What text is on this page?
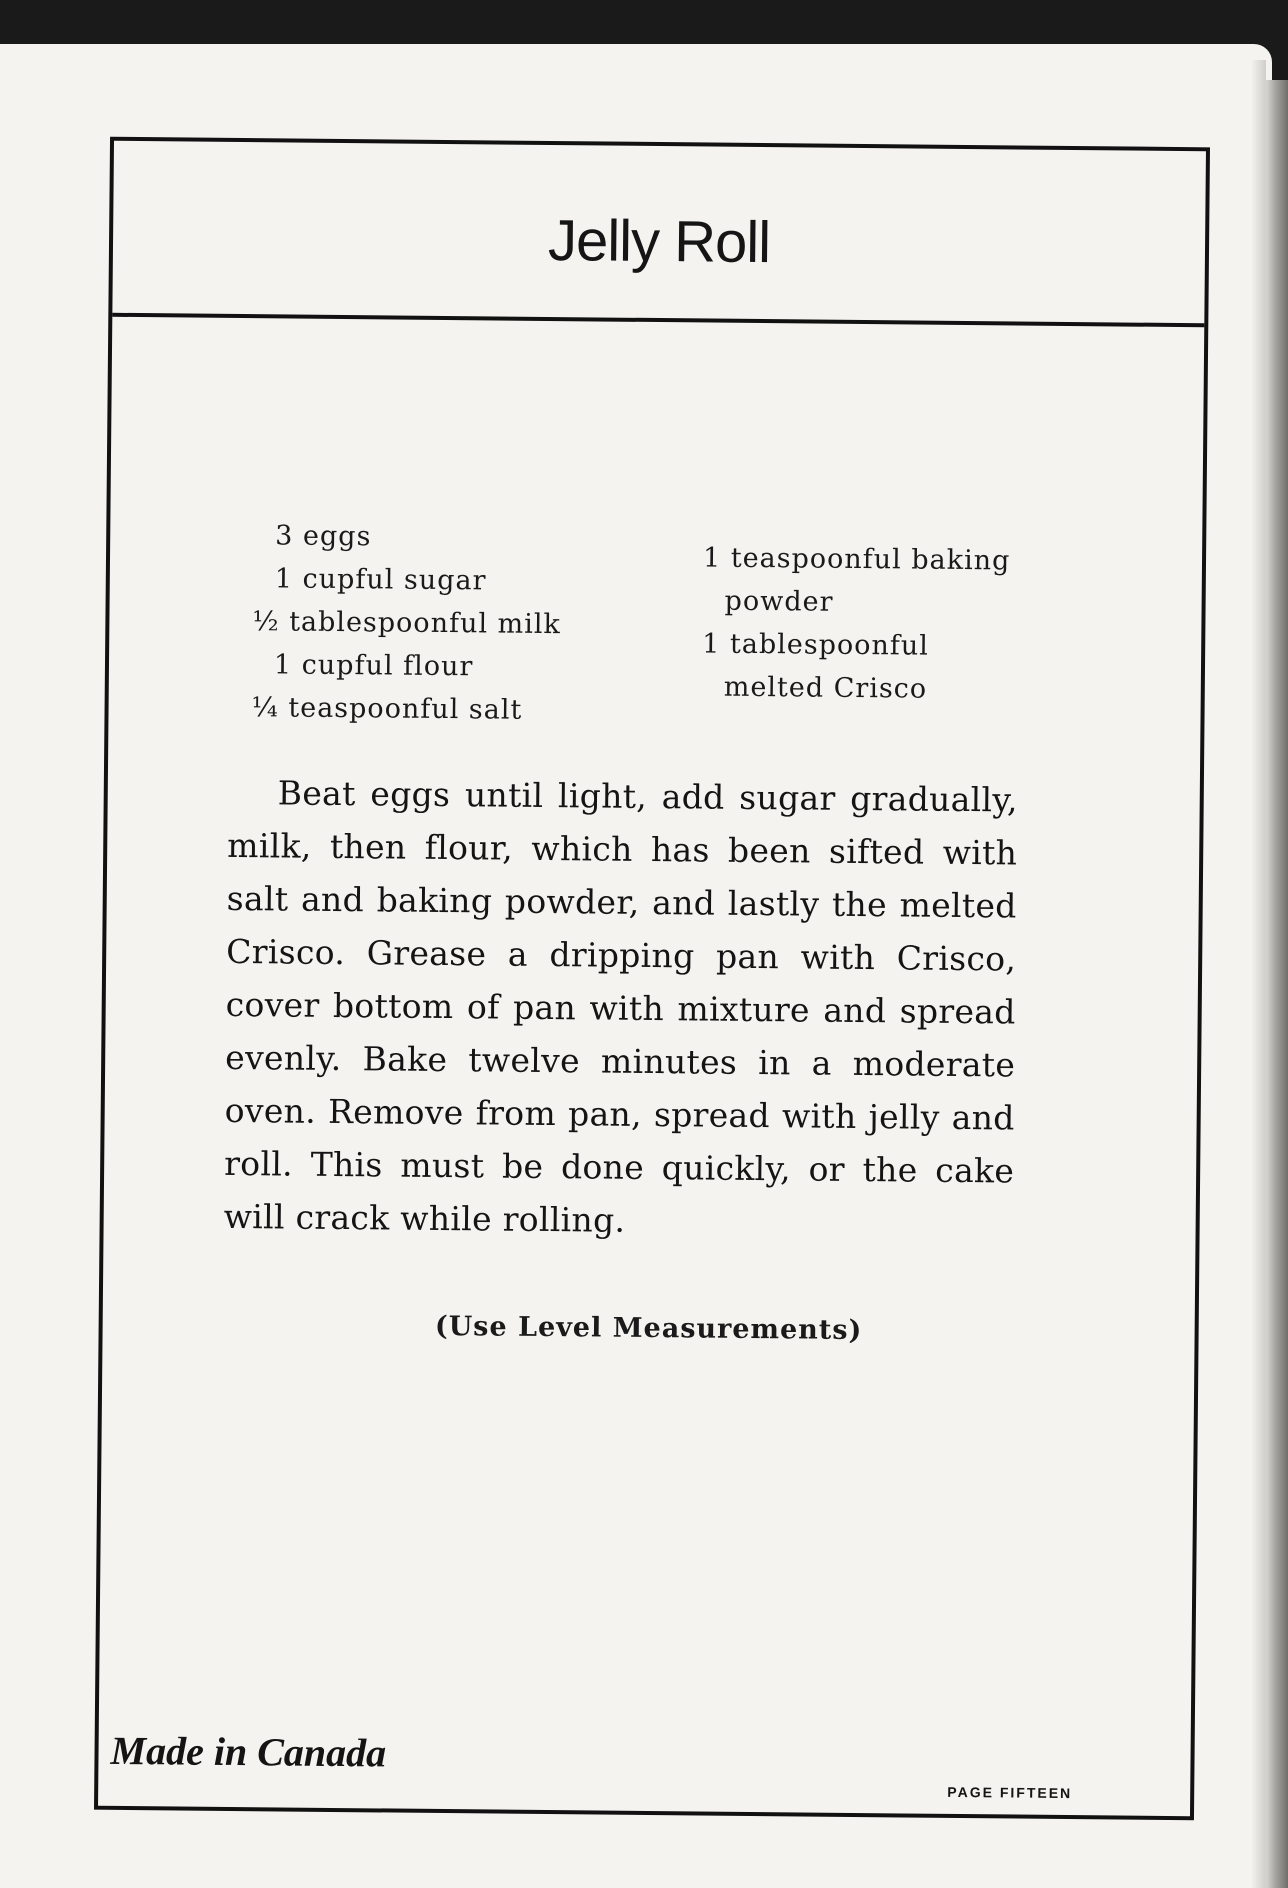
Jelly Roll
3 eggs
1 cupful sugar
½ tablespoonful milk
1 cupful flour
¼ teaspoonful salt
1 teaspoonful baking
powder
1 tablespoonful
melted Crisco
Beat eggs until light, add sugar gradually, milk, then flour, which has been sifted with salt and baking powder, and lastly the melted Crisco. Grease a dripping pan with Crisco, cover bottom of pan with mixture and spread evenly. Bake twelve minutes in a moderate oven. Remove from pan, spread with jelly and roll. This must be done quickly, or the cake will crack while rolling.
(Use Level Measurements)
Made in Canada
PAGE FIFTEEN
